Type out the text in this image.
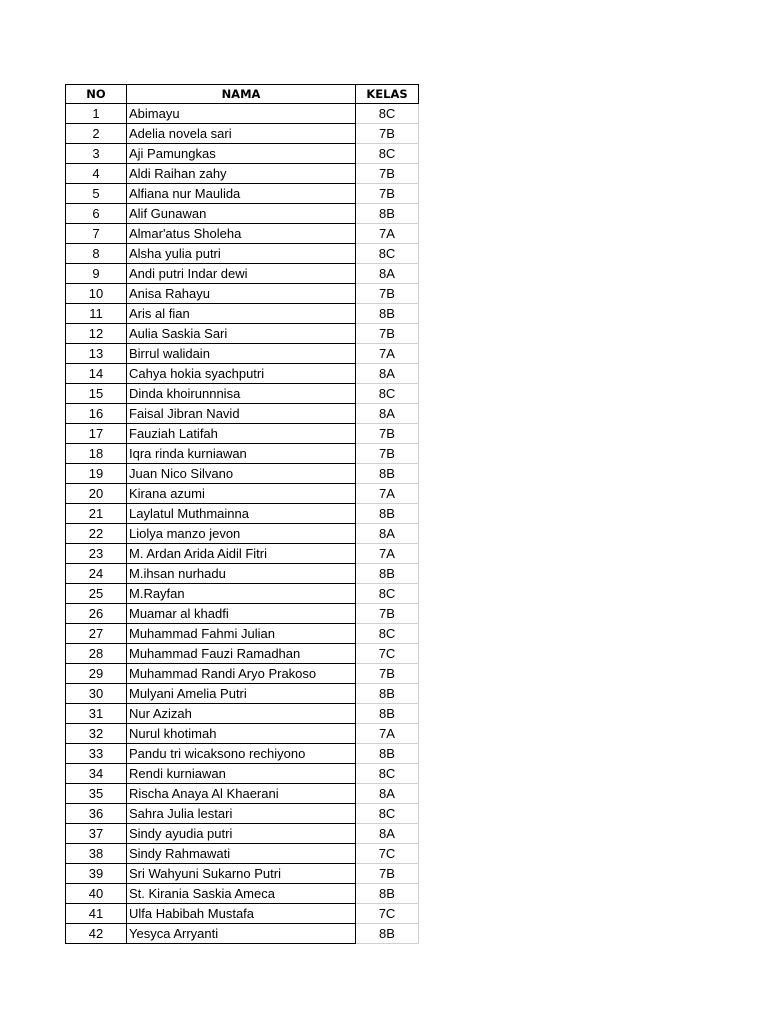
NO	NAMA	KELAS
1	Abimayu	8C
2	Adelia novela sari	7B
3	Aji Pamungkas	8C
4	Aldi Raihan zahy	7B
5	Alfiana nur Maulida	7B
6	Alif Gunawan	8B
7	Almar'atus Sholeha	7A
8	Alsha yulia putri	8C
9	Andi putri Indar dewi	8A
10	Anisa Rahayu	7B
11	Aris al fian	8B
12	Aulia Saskia Sari	7B
13	Birrul walidain	7A
14	Cahya hokia syachputri	8A
15	Dinda khoirunnnisa	8C
16	Faisal Jibran Navid	8A
17	Fauziah Latifah	7B
18	Iqra rinda kurniawan	7B
19	Juan Nico Silvano	8B
20	Kirana azumi	7A
21	Laylatul Muthmainna	8B
22	Liolya manzo jevon	8A
23	M. Ardan Arida Aidil Fitri	7A
24	M.ihsan nurhadu	8B
25	M.Rayfan	8C
26	Muamar al khadfi	7B
27	Muhammad Fahmi Julian	8C
28	Muhammad Fauzi Ramadhan	7C
29	Muhammad Randi Aryo Prakoso	7B
30	Mulyani Amelia Putri	8B
31	Nur Azizah	8B
32	Nurul khotimah	7A
33	Pandu tri wicaksono rechiyono	8B
34	Rendi kurniawan	8C
35	Rischa Anaya Al Khaerani	8A
36	Sahra Julia lestari	8C
37	Sindy ayudia putri	8A
38	Sindy Rahmawati	7C
39	Sri Wahyuni Sukarno Putri	7B
40	St. Kirania Saskia Ameca	8B
41	Ulfa Habibah Mustafa	7C
42	Yesyca Arryanti	8B
